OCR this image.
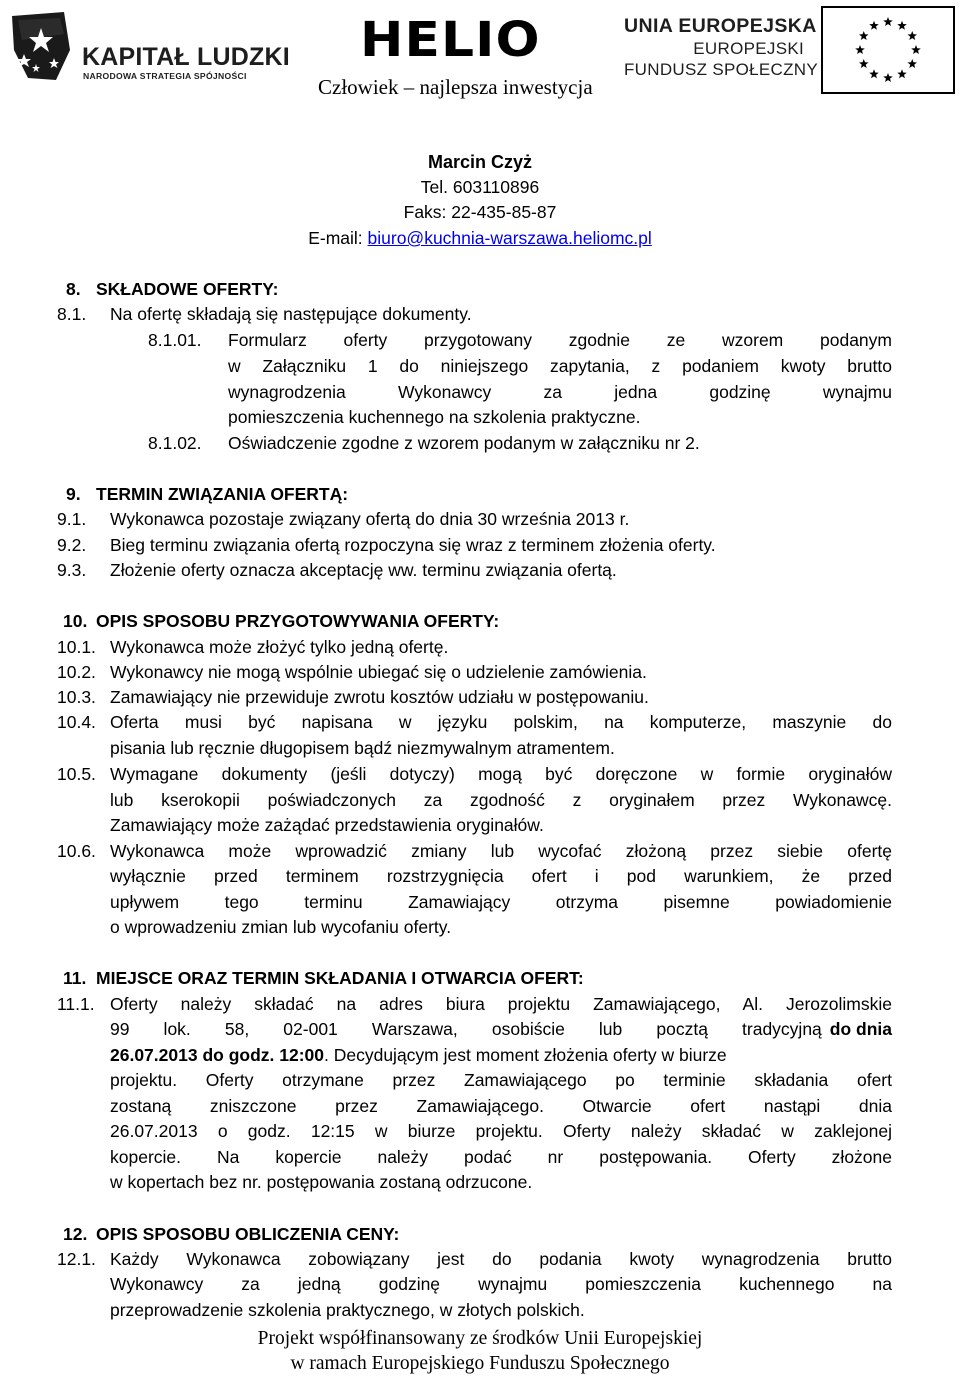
KAPITAŁ LUDZKI
NARODOWA STRATEGIA SPÓJNOŚCI
HELIO
Człowiek – najlepsza inwestycja
UNIA EUROPEJSKA
EUROPEJSKI
FUNDUSZ SPOŁECZNY
Marcin Czyż
Tel. 603110896
Faks: 22-435-85-87
E-mail: biuro@kuchnia-warszawa.heliomc.pl
8. SKŁADOWE OFERTY:
8.1. Na ofertę składają się następujące dokumenty.
8.1.01. Formularz oferty przygotowany zgodnie ze wzorem podanym
w Załączniku 1 do niniejszego zapytania, z podaniem kwoty brutto
wynagrodzenia Wykonawcy za jedna godzinę wynajmu
pomieszczenia kuchennego na szkolenia praktyczne.
8.1.02. Oświadczenie zgodne z wzorem podanym w załączniku nr 2.
9. TERMIN ZWIĄZANIA OFERTĄ:
9.1. Wykonawca pozostaje związany ofertą do dnia 30 września 2013 r.
9.2. Bieg terminu związania ofertą rozpoczyna się wraz z terminem złożenia oferty.
9.3. Złożenie oferty oznacza akceptację ww. terminu związania ofertą.
10. OPIS SPOSOBU PRZYGOTOWYWANIA OFERTY:
10.1. Wykonawca może złożyć tylko jedną ofertę.
10.2. Wykonawcy nie mogą wspólnie ubiegać się o udzielenie zamówienia.
10.3. Zamawiający nie przewiduje zwrotu kosztów udziału w postępowaniu.
10.4. Oferta musi być napisana w języku polskim, na komputerze, maszynie do
pisania lub ręcznie długopisem bądź niezmywalnym atramentem.
10.5. Wymagane dokumenty (jeśli dotyczy) mogą być doręczone w formie oryginałów
lub kserokopii poświadczonych za zgodność z oryginałem przez Wykonawcę.
Zamawiający może zażądać przedstawienia oryginałów.
10.6. Wykonawca może wprowadzić zmiany lub wycofać złożoną przez siebie ofertę
wyłącznie przed terminem rozstrzygnięcia ofert i pod warunkiem, że przed
upływem tego terminu Zamawiający otrzyma pisemne powiadomienie
o wprowadzeniu zmian lub wycofaniu oferty.
11. MIEJSCE ORAZ TERMIN SKŁADANIA I OTWARCIA OFERT:
11.1. Oferty należy składać na adres biura projektu Zamawiającego, Al. Jerozolimskie
99 lok. 58, 02-001 Warszawa, osobiście lub pocztą tradycyjną do dnia
26.07.2013 do godz. 12:00. Decydującym jest moment złożenia oferty w biurze
projektu. Oferty otrzymane przez Zamawiającego po terminie składania ofert
zostaną zniszczone przez Zamawiającego. Otwarcie ofert nastąpi dnia
26.07.2013 o godz. 12:15 w biurze projektu. Oferty należy składać w zaklejonej
kopercie. Na kopercie należy podać nr postępowania. Oferty złożone
w kopertach bez nr. postępowania zostaną odrzucone.
12. OPIS SPOSOBU OBLICZENIA CENY:
12.1. Każdy Wykonawca zobowiązany jest do podania kwoty wynagrodzenia brutto
Wykonawcy za jedną godzinę wynajmu pomieszczenia kuchennego na
przeprowadzenie szkolenia praktycznego, w złotych polskich.
Projekt współfinansowany ze środków Unii Europejskiej
w ramach Europejskiego Funduszu Społecznego
